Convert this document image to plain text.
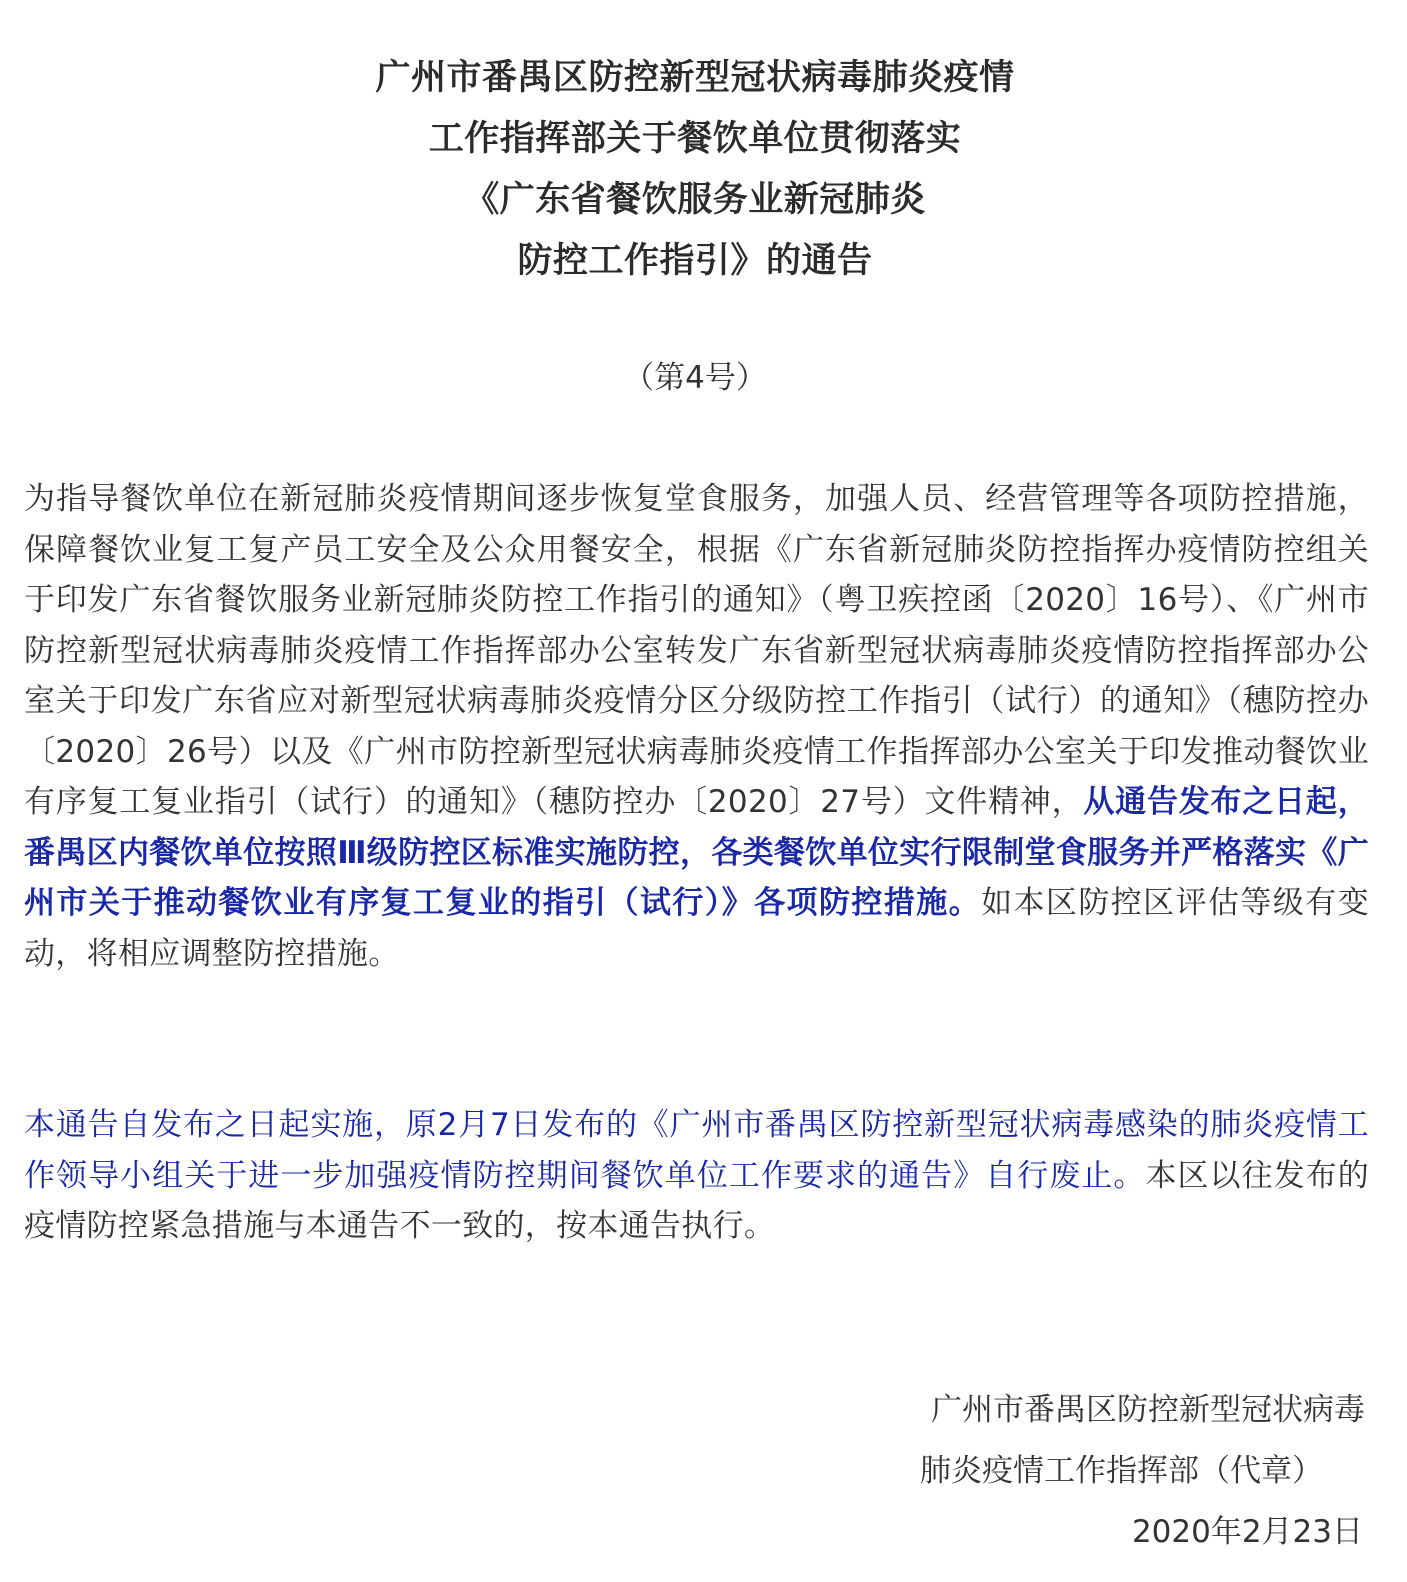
广州市番禺区防控新型冠状病毒肺炎疫情
工作指挥部关于餐饮单位贯彻落实
《广东省餐饮服务业新冠肺炎
防控工作指引》的通告
（第4号）
为指导餐饮单位在新冠肺炎疫情期间逐步恢复堂食服务，加强人员、经营管理等各项防控措施，保障餐饮业复工复产员工安全及公众用餐安全，根据《广东省新冠肺炎防控指挥办疫情防控组关于印发广东省餐饮服务业新冠肺炎防控工作指引的通知》（粤卫疾控函〔2020〕16号）、《广州市防控新型冠状病毒肺炎疫情工作指挥部办公室转发广东省新型冠状病毒肺炎疫情防控指挥部办公室关于印发广东省应对新型冠状病毒肺炎疫情分区分级防控工作指引（试行）的通知》（穗防控办〔2020〕26号）以及《广州市防控新型冠状病毒肺炎疫情工作指挥部办公室关于印发推动餐饮业有序复工复业指引（试行）的通知》（穗防控办〔2020〕27号）文件精神，从通告发布之日起，番禺区内餐饮单位按照Ⅲ级防控区标准实施防控，各类餐饮单位实行限制堂食服务并严格落实《广州市关于推动餐饮业有序复工复业的指引（试行）》各项防控措施。如本区防控区评估等级有变动，将相应调整防控措施。
本通告自发布之日起实施，原2月7日发布的《广州市番禺区防控新型冠状病毒感染的肺炎疫情工作领导小组关于进一步加强疫情防控期间餐饮单位工作要求的通告》自行废止。本区以往发布的疫情防控紧急措施与本通告不一致的，按本通告执行。
广州市番禺区防控新型冠状病毒
肺炎疫情工作指挥部（代章）
2020年2月23日
